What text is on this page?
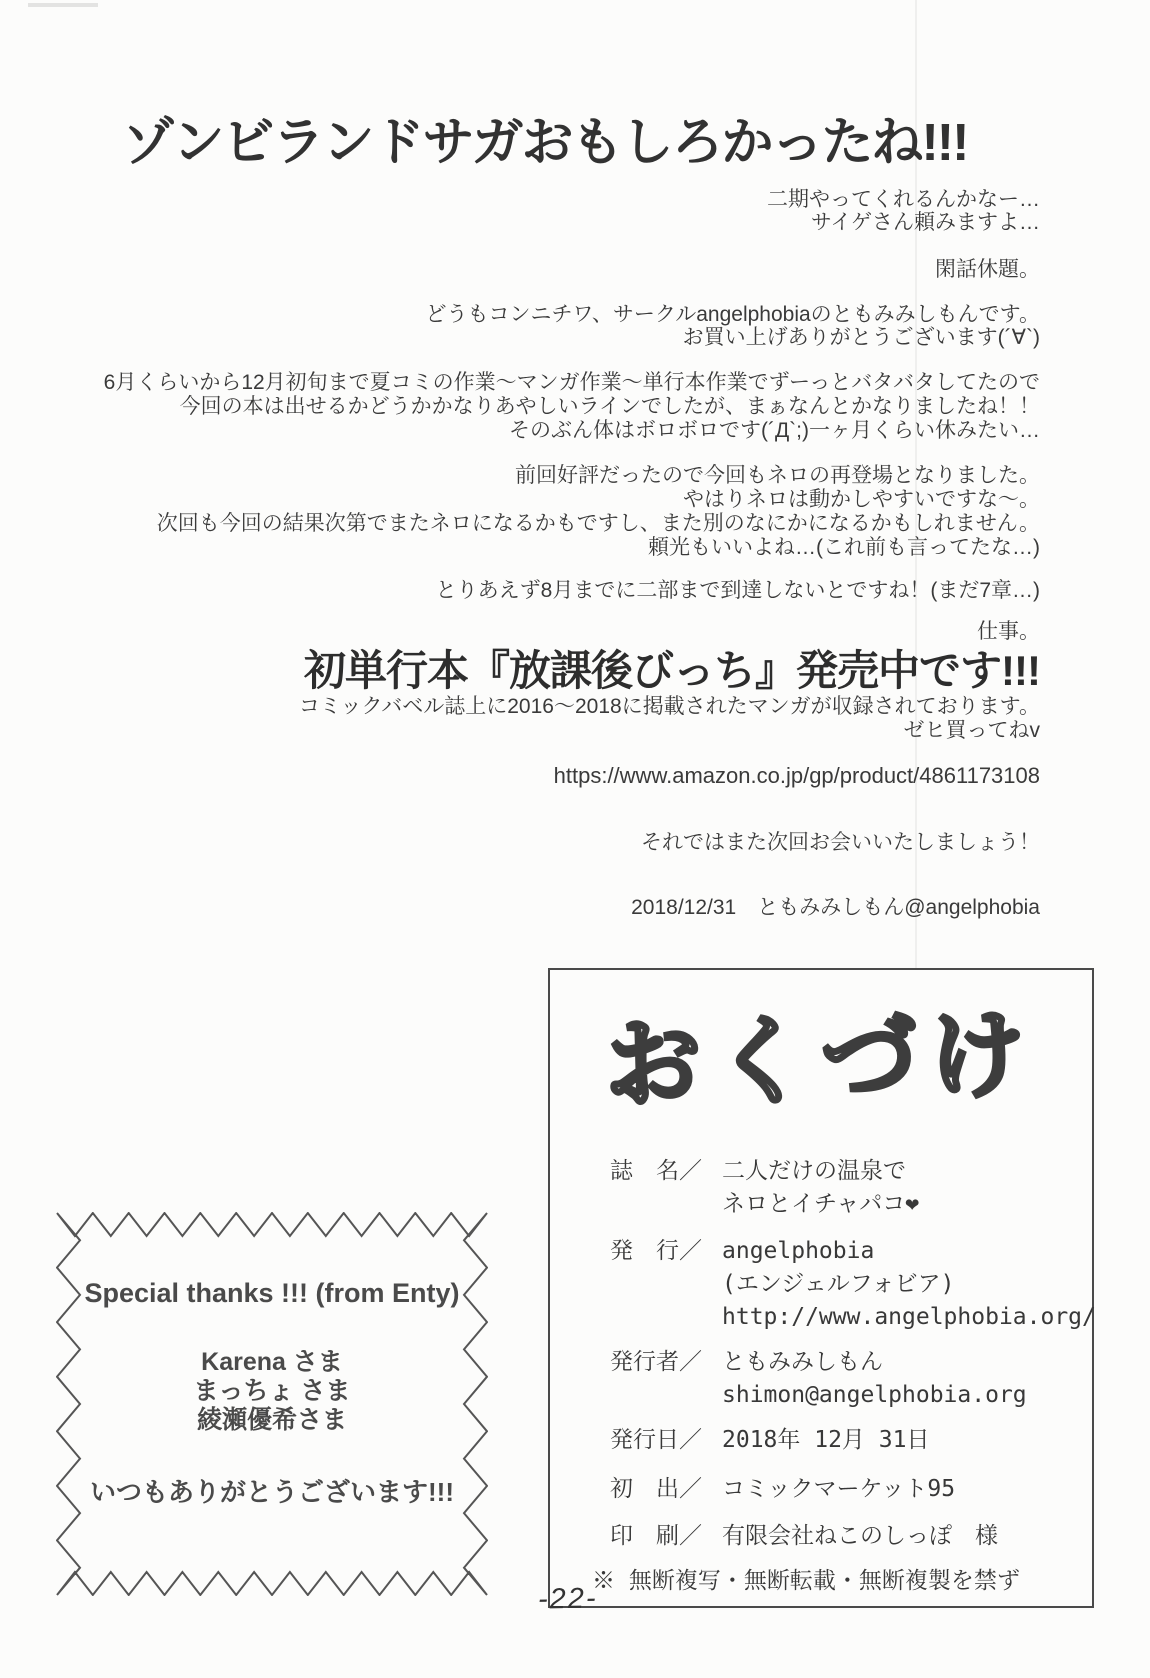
ゾンビランドサガおもしろかったね!!!

二期やってくれるんかなー…

サイゲさん頼みますよ…

閑話休題。

どうもコンニチワ、サークルangelphobiaのともみみしもんです。

お買い上げありがとうございます(´∀`)

6月くらいから12月初旬まで夏コミの作業～マンガ作業～単行本作業でずーっとバタバタしてたので

今回の本は出せるかどうかかなりあやしいラインでしたが、まぁなんとかなりましたね！！

そのぶん体はボロボロです(´Д`;)一ヶ月くらい休みたい…

前回好評だったので今回もネロの再登場となりました。

やはりネロは動かしやすいですな～。

次回も今回の結果次第でまたネロになるかもですし、また別のなにかになるかもしれません。

頼光もいいよね…(これ前も言ってたな…)

とりあえず8月までに二部まで到達しないとですね！(まだ7章…)

仕事。

初単行本『放課後びっち』発売中です!!!

コミックバベル誌上に2016～2018に掲載されたマンガが収録されております。

ゼヒ買ってねv

https://www.amazon.co.jp/gp/product/4861173108

それではまた次回お会いいたしましょう！

2018/12/31　ともみみしもん@angelphobia

おくづけ
誌　名／ 二人だけの温泉で
ネロとイチャパコ❤
発　行／ angelphobia
(エンジェルフォビア)
http://www.angelphobia.org/
発行者／ ともみみしもん
shimon@angelphobia.org
発行日／ 2018年 12月 31日
初　出／ コミックマーケット95
印　刷／ 有限会社ねこのしっぽ　様
※ 無断複写・無断転載・無断複製を禁ず

Special thanks !!! (from Enty)

Karena さま
まっちょ さま
綾瀬優希さま

いつもありがとうございます!!!

-22-
